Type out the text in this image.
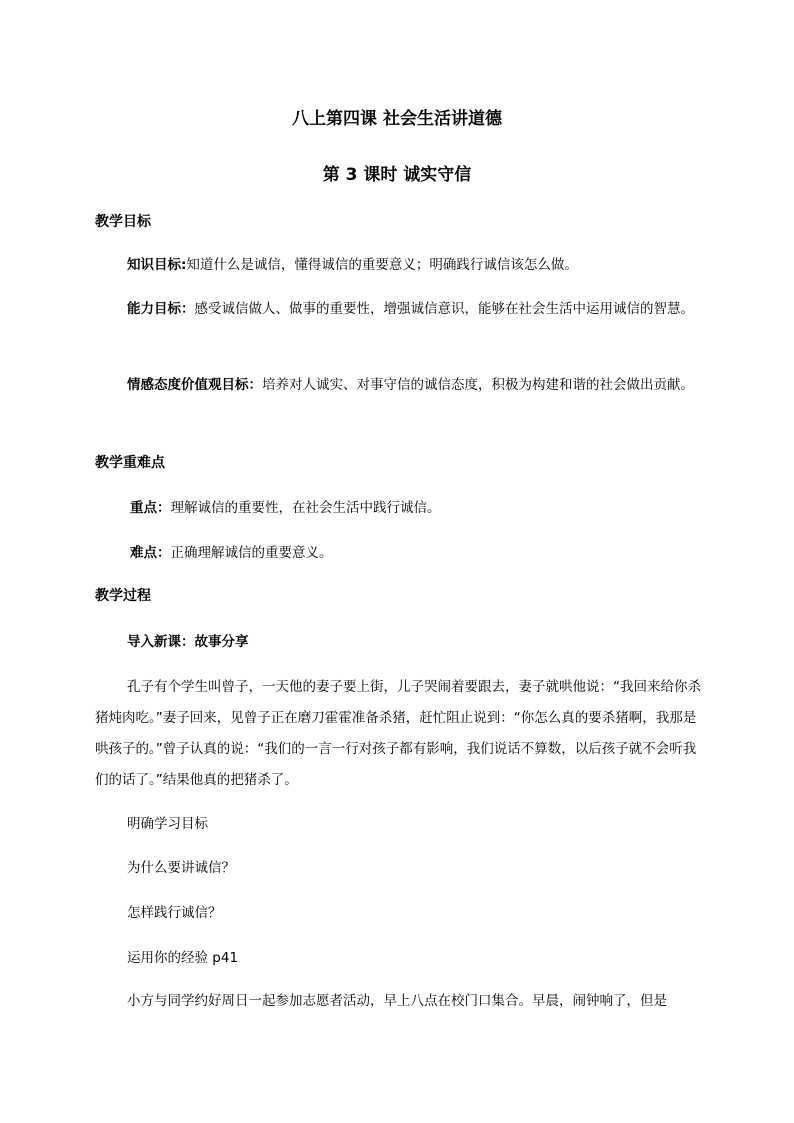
八上第四课 社会生活讲道德
第 3 课时 诚实守信
教学目标
知识目标:知道什么是诚信，懂得诚信的重要意义；明确践行诚信该怎么做。
能力目标：感受诚信做人、做事的重要性，增强诚信意识，能够在社会生活中运用诚信的智慧。
情感态度价值观目标：培养对人诚实、对事守信的诚信态度，积极为构建和谐的社会做出贡献。
教学重难点
重点：理解诚信的重要性，在社会生活中践行诚信。
难点：正确理解诚信的重要意义。
教学过程
导入新课：故事分享
孔子有个学生叫曾子，一天他的妻子要上街，儿子哭闹着要跟去，妻子就哄他说：“我回来给你杀猪炖肉吃。”妻子回来，见曾子正在磨刀霍霍准备杀猪，赶忙阻止说到：“你怎么真的要杀猪啊，我那是哄孩子的。”曾子认真的说：“我们的一言一行对孩子都有影响，我们说话不算数，以后孩子就不会听我们的话了。”结果他真的把猪杀了。
明确学习目标
为什么要讲诚信？
怎样践行诚信？
运用你的经验 p41
小方与同学约好周日一起参加志愿者活动，早上八点在校门口集合。早晨，闹钟响了，但是
